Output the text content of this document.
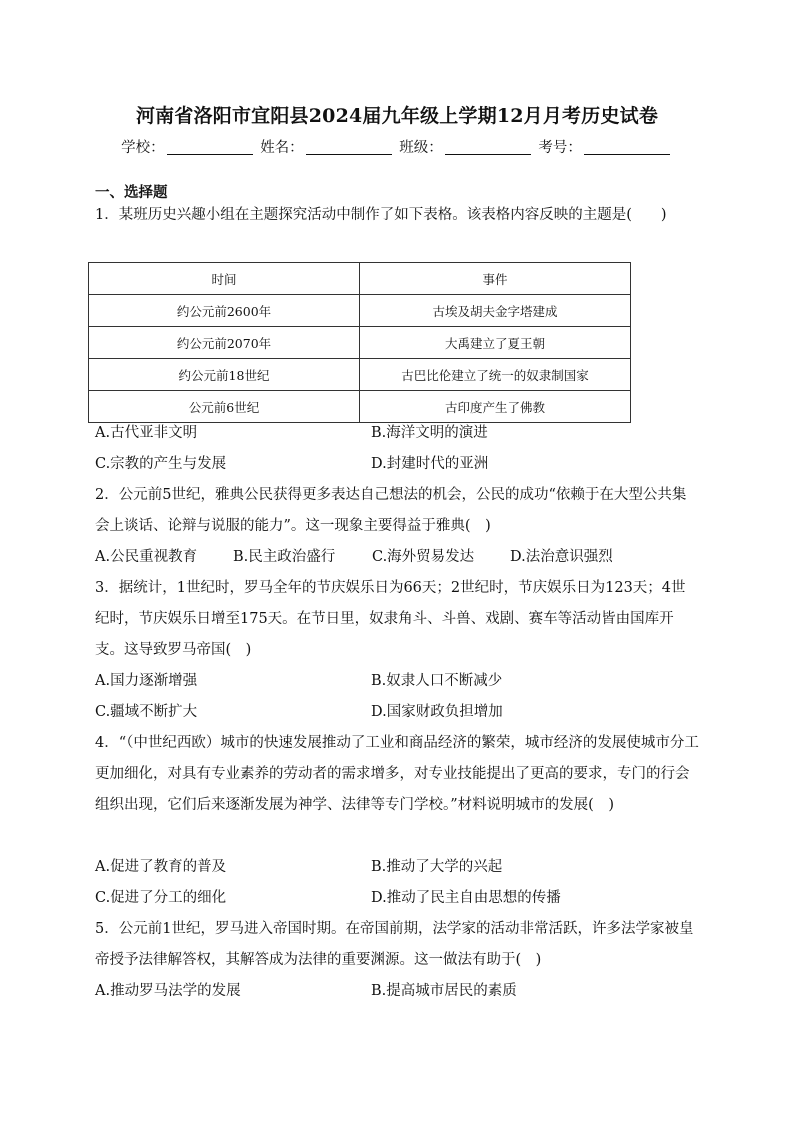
河南省洛阳市宜阳县2024届九年级上学期12月月考历史试卷
学校：	姓名：	班级：	考号：
一、选择题
1．某班历史兴趣小组在主题探究活动中制作了如下表格。该表格内容反映的主题是(　　)
时间	事件
约公元前2600年	古埃及胡夫金字塔建成
约公元前2070年	大禹建立了夏王朝
约公元前18世纪	古巴比伦建立了统一的奴隶制国家
公元前6世纪	古印度产生了佛教
A.古代亚非文明	B.海洋文明的演进
C.宗教的产生与发展	D.封建时代的亚洲
2．公元前5世纪，雅典公民获得更多表达自己想法的机会，公民的成功“依赖于在大型公共集会上谈话、论辩与说服的能力”。这一现象主要得益于雅典(　)
A.公民重视教育 B.民主政治盛行	C.海外贸易发达 D.法治意识强烈
3．据统计，1世纪时，罗马全年的节庆娱乐日为66天；2世纪时，节庆娱乐日为123天；4世纪时，节庆娱乐日增至175天。在节日里，奴隶角斗、斗兽、戏剧、赛车等活动皆由国库开支。这导致罗马帝国(　)
A.国力逐渐增强	B.奴隶人口不断减少
C.疆域不断扩大	D.国家财政负担增加
4．“（中世纪西欧）城市的快速发展推动了工业和商品经济的繁荣，城市经济的发展使城市分工更加细化，对具有专业素养的劳动者的需求增多，对专业技能提出了更高的要求，专门的行会组织出现，它们后来逐渐发展为神学、法律等专门学校。”材料说明城市的发展(　)
A.促进了教育的普及	B.推动了大学的兴起
C.促进了分工的细化	D.推动了民主自由思想的传播
5．公元前1世纪，罗马进入帝国时期。在帝国前期，法学家的活动非常活跃，许多法学家被皇帝授予法律解答权，其解答成为法律的重要渊源。这一做法有助于(　)
A.推动罗马法学的发展	B.提高城市居民的素质
